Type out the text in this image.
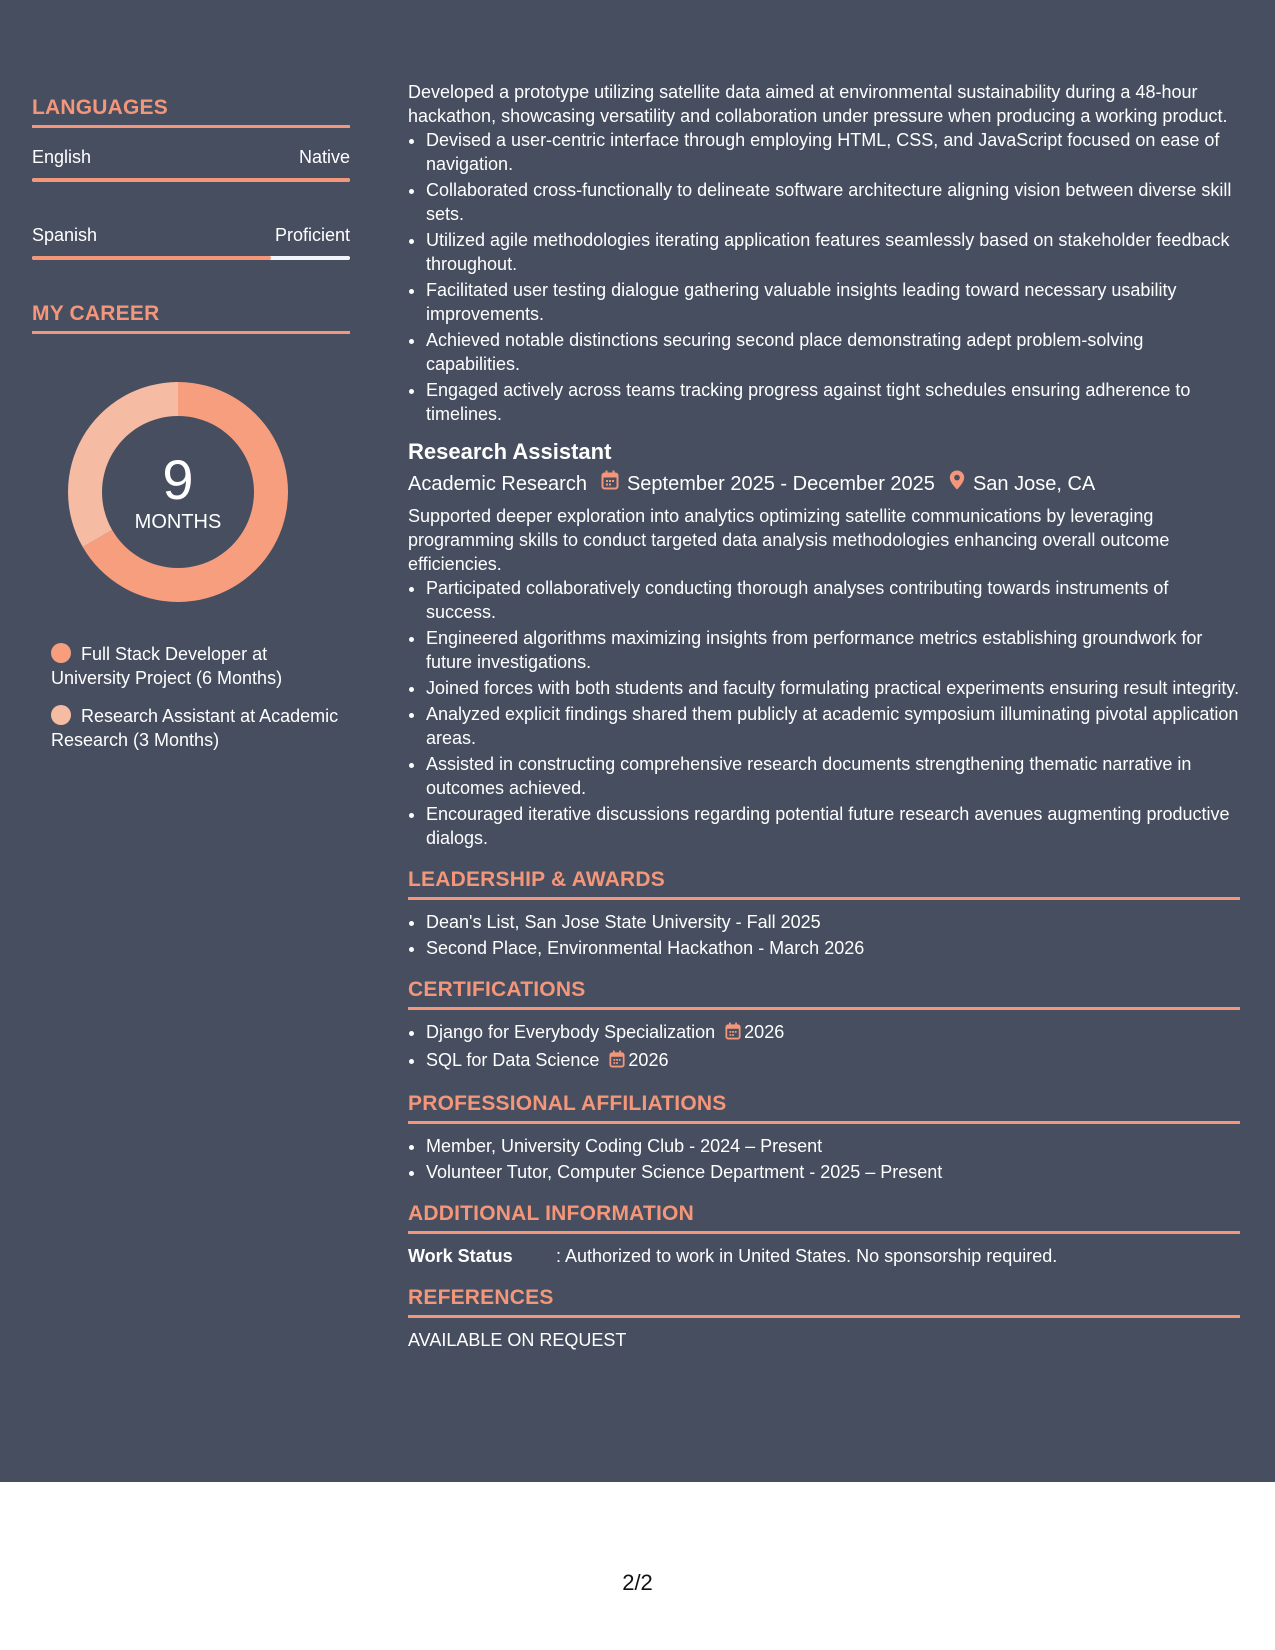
LANGUAGES
English	Native
Spanish	Proficient
MY CAREER
9
MONTHS
Full Stack Developer at University Project (6 Months)
Research Assistant at Academic Research (3 Months)

Developed a prototype utilizing satellite data aimed at environmental sustainability during a 48-hour hackathon, showcasing versatility and collaboration under pressure when producing a working product.

• Devised a user-centric interface through employing HTML, CSS, and JavaScript focused on ease of navigation.
• Collaborated cross-functionally to delineate software architecture aligning vision between diverse skill sets.
• Utilized agile methodologies iterating application features seamlessly based on stakeholder feedback throughout.
• Facilitated user testing dialogue gathering valuable insights leading toward necessary usability improvements.
• Achieved notable distinctions securing second place demonstrating adept problem-solving capabilities.
• Engaged actively across teams tracking progress against tight schedules ensuring adherence to timelines.
Research Assistant
Academic Research September 2025 - December 2025 San Jose, CA

Supported deeper exploration into analytics optimizing satellite communications by leveraging programming skills to conduct targeted data analysis methodologies enhancing overall outcome efficiencies.

• Participated collaboratively conducting thorough analyses contributing towards instruments of success.
• Engineered algorithms maximizing insights from performance metrics establishing groundwork for future investigations.
• Joined forces with both students and faculty formulating practical experiments ensuring result integrity.
• Analyzed explicit findings shared them publicly at academic symposium illuminating pivotal application areas.
• Assisted in constructing comprehensive research documents strengthening thematic narrative in outcomes achieved.
• Encouraged iterative discussions regarding potential future research avenues augmenting productive dialogs.
LEADERSHIP & AWARDS
• Dean's List, San Jose State University - Fall 2025
• Second Place, Environmental Hackathon - March 2026
CERTIFICATIONS
• Django for Everybody Specialization 2026
• SQL for Data Science 2026
PROFESSIONAL AFFILIATIONS
• Member, University Coding Club - 2024 – Present
• Volunteer Tutor, Computer Science Department - 2025 – Present
ADDITIONAL INFORMATION
Work Status : Authorized to work in United States. No sponsorship required.
REFERENCES
AVAILABLE ON REQUEST
2/2
